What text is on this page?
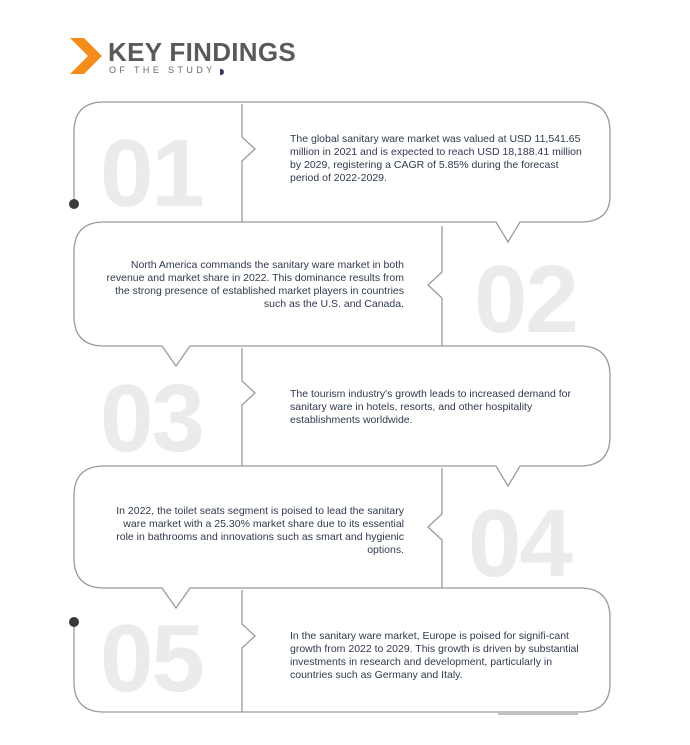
KEY FINDINGS
OF THE STUDY
01	The global sanitary ware market was valued at USD 11,541.65 million in 2021 and is expected to reach USD 18,188.41 million by 2029, registering a CAGR of 5.85% during the forecast period of 2022-2029.
02
North America commands the sanitary ware market in both revenue and market share in 2022. This dominance results from the strong presence of established market players in countries such as the U.S. and Canada.
03	The tourism industry's growth leads to increased demand for sanitary ware in hotels, resorts, and other hospitality establishments worldwide.
04
In 2022, the toilet seats segment is poised to lead the sanitary ware market with a 25.30% market share due to its essential role in bathrooms and innovations such as smart and hygienic options.
05	In the sanitary ware market, Europe is poised for signifi-cant growth from 2022 to 2029. This growth is driven by substantial investments in research and development, particularly in countries such as Germany and Italy.
